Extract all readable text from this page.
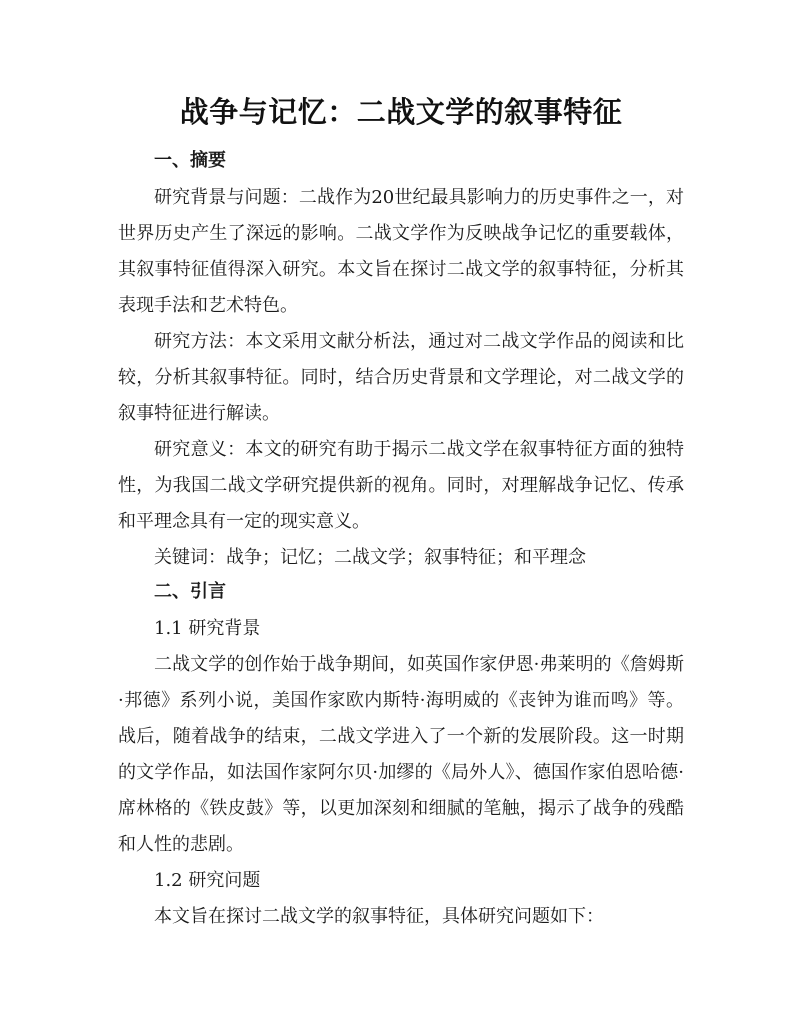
战争与记忆：二战文学的叙事特征
一、摘要

研究背景与问题：二战作为20世纪最具影响力的历史事件之一，对世界历史产生了深远的影响。二战文学作为反映战争记忆的重要载体，其叙事特征值得深入研究。本文旨在探讨二战文学的叙事特征，分析其表现手法和艺术特色。

研究方法：本文采用文献分析法，通过对二战文学作品的阅读和比较，分析其叙事特征。同时，结合历史背景和文学理论，对二战文学的叙事特征进行解读。

研究意义：本文的研究有助于揭示二战文学在叙事特征方面的独特性，为我国二战文学研究提供新的视角。同时，对理解战争记忆、传承和平理念具有一定的现实意义。

关键词：战争；记忆；二战文学；叙事特征；和平理念

二、引言

1.1 研究背景

二战文学的创作始于战争期间，如英国作家伊恩·弗莱明的《詹姆斯·邦德》系列小说，美国作家欧内斯特·海明威的《丧钟为谁而鸣》等。战后，随着战争的结束，二战文学进入了一个新的发展阶段。这一时期的文学作品，如法国作家阿尔贝·加缪的《局外人》、德国作家伯恩哈德·席林格的《铁皮鼓》等，以更加深刻和细腻的笔触，揭示了战争的残酷和人性的悲剧。

1.2 研究问题

本文旨在探讨二战文学的叙事特征，具体研究问题如下：
